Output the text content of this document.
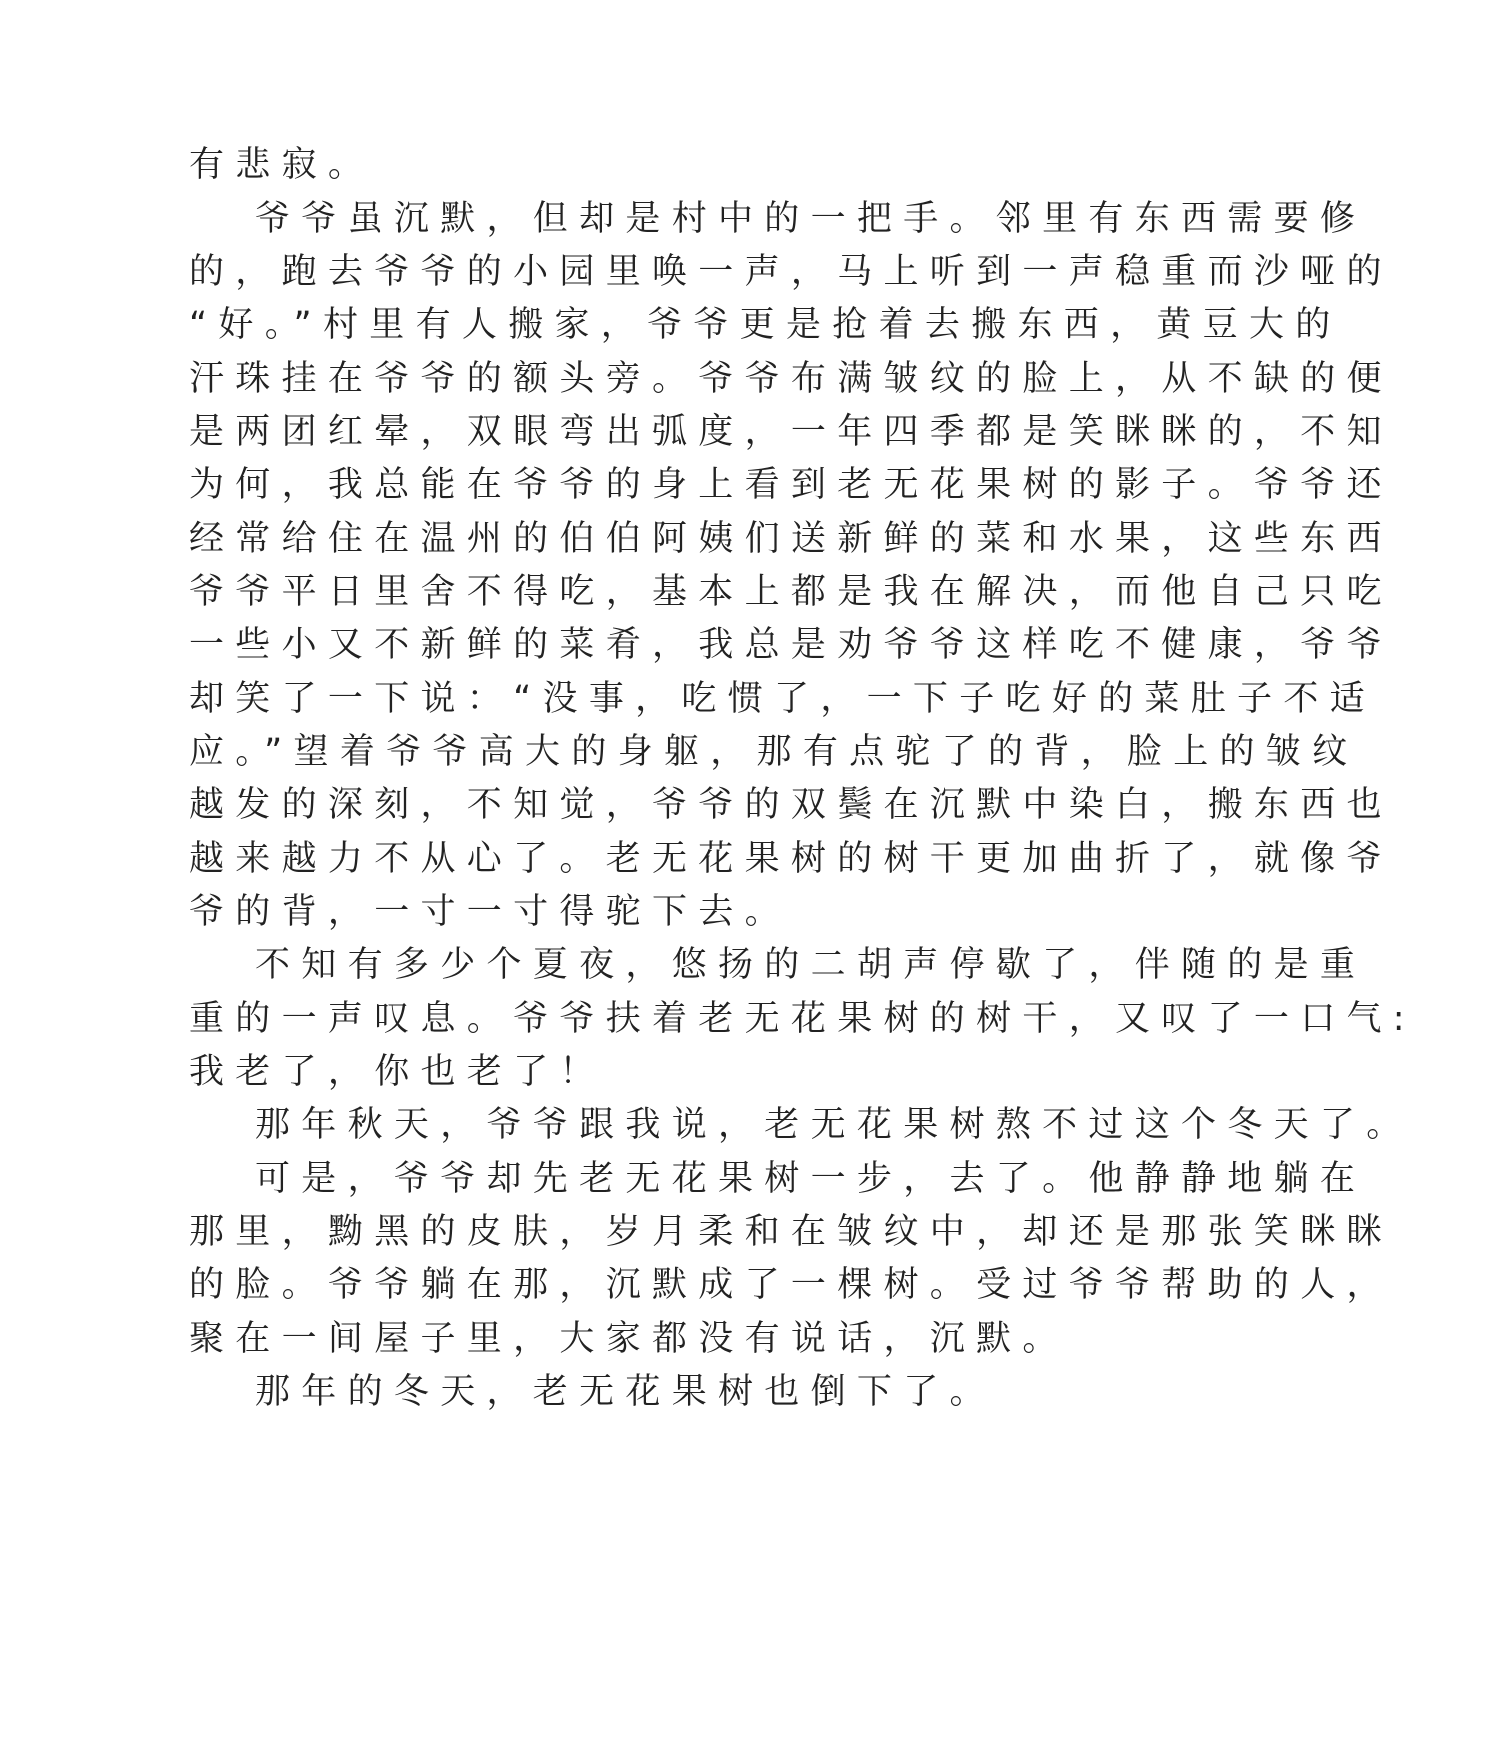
有悲寂。
爷爷虽沉默，但却是村中的一把手。邻里有东西需要修
的，跑去爷爷的小园里唤一声，马上听到一声稳重而沙哑的
“好。”村里有人搬家，爷爷更是抢着去搬东西，黄豆大的
汗珠挂在爷爷的额头旁。爷爷布满皱纹的脸上，从不缺的便
是两团红晕，双眼弯出弧度，一年四季都是笑眯眯的，不知
为何，我总能在爷爷的身上看到老无花果树的影子。爷爷还
经常给住在温州的伯伯阿姨们送新鲜的菜和水果，这些东西
爷爷平日里舍不得吃，基本上都是我在解决，而他自己只吃
一些小又不新鲜的菜肴，我总是劝爷爷这样吃不健康，爷爷
却笑了一下说：“没事，吃惯了，一下子吃好的菜肚子不适
应。”望着爷爷高大的身躯，那有点驼了的背，脸上的皱纹
越发的深刻，不知觉，爷爷的双鬓在沉默中染白，搬东西也
越来越力不从心了。老无花果树的树干更加曲折了，就像爷
爷的背，一寸一寸得驼下去。
不知有多少个夏夜，悠扬的二胡声停歇了，伴随的是重
重的一声叹息。爷爷扶着老无花果树的树干，又叹了一口气:
我老了，你也老了！
那年秋天，爷爷跟我说，老无花果树熬不过这个冬天了。
可是，爷爷却先老无花果树一步，去了。他静静地躺在
那里，黝黑的皮肤，岁月柔和在皱纹中，却还是那张笑眯眯
的脸。爷爷躺在那，沉默成了一棵树。受过爷爷帮助的人，
聚在一间屋子里，大家都没有说话，沉默。
那年的冬天，老无花果树也倒下了。
